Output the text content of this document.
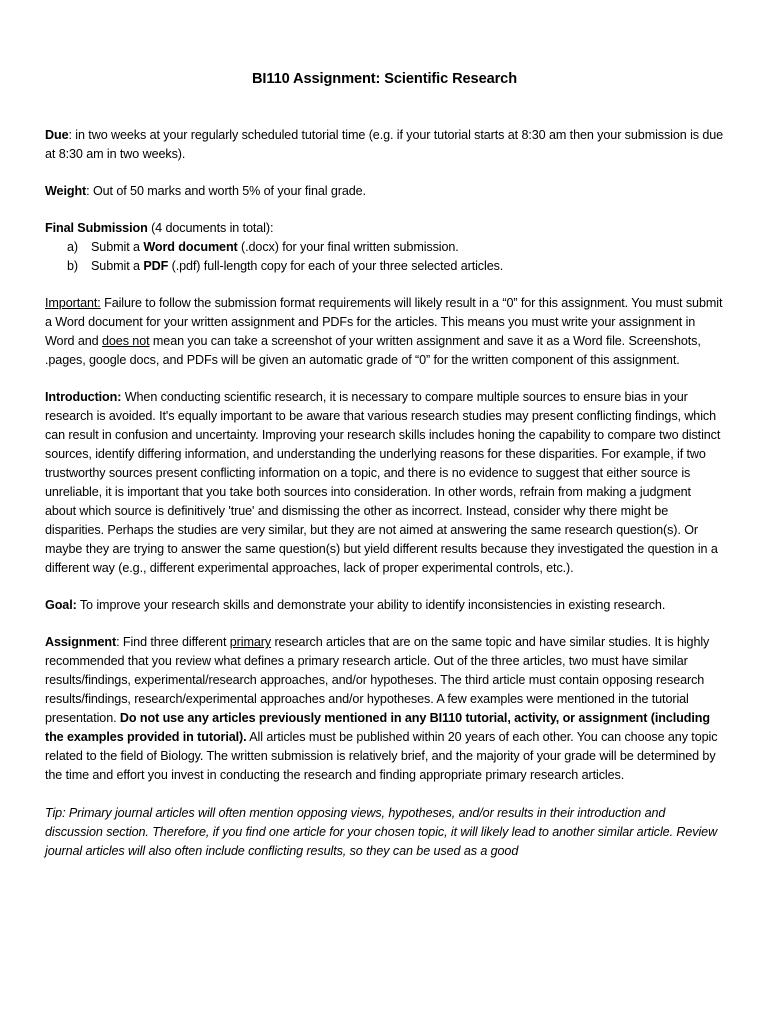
BI110 Assignment: Scientific Research

Due: in two weeks at your regularly scheduled tutorial time (e.g. if your tutorial starts at 8:30 am then your submission is due at 8:30 am in two weeks).

Weight: Out of 50 marks and worth 5% of your final grade.

Final Submission (4 documents in total):

a) Submit a Word document (.docx) for your final written submission.
b) Submit a PDF (.pdf) full-length copy for each of your three selected articles.

Important: Failure to follow the submission format requirements will likely result in a “0” for this assignment. You must submit a Word document for your written assignment and PDFs for the articles. This means you must write your assignment in Word and does not mean you can take a screenshot of your written assignment and save it as a Word file. Screenshots, .pages, google docs, and PDFs will be given an automatic grade of “0” for the written component of this assignment.

Introduction: When conducting scientific research, it is necessary to compare multiple sources to ensure bias in your research is avoided. It's equally important to be aware that various research studies may present conflicting findings, which can result in confusion and uncertainty. Improving your research skills includes honing the capability to compare two distinct sources, identify differing information, and understanding the underlying reasons for these disparities. For example, if two trustworthy sources present conflicting information on a topic, and there is no evidence to suggest that either source is unreliable, it is important that you take both sources into consideration. In other words, refrain from making a judgment about which source is definitively 'true' and dismissing the other as incorrect. Instead, consider why there might be disparities. Perhaps the studies are very similar, but they are not aimed at answering the same research question(s). Or maybe they are trying to answer the same question(s) but yield different results because they investigated the question in a different way (e.g., different experimental approaches, lack of proper experimental controls, etc.).

Goal: To improve your research skills and demonstrate your ability to identify inconsistencies in existing research.

Assignment: Find three different primary research articles that are on the same topic and have similar studies. It is highly recommended that you review what defines a primary research article. Out of the three articles, two must have similar results/findings, experimental/research approaches, and/or hypotheses. The third article must contain opposing research results/findings, research/experimental approaches and/or hypotheses. A few examples were mentioned in the tutorial presentation. Do not use any articles previously mentioned in any BI110 tutorial, activity, or assignment (including the examples provided in tutorial). All articles must be published within 20 years of each other. You can choose any topic related to the field of Biology. The written submission is relatively brief, and the majority of your grade will be determined by the time and effort you invest in conducting the research and finding appropriate primary research articles.

Tip: Primary journal articles will often mention opposing views, hypotheses, and/or results in their introduction and discussion section. Therefore, if you find one article for your chosen topic, it will likely lead to another similar article. Review journal articles will also often include conflicting results, so they can be used as a good
